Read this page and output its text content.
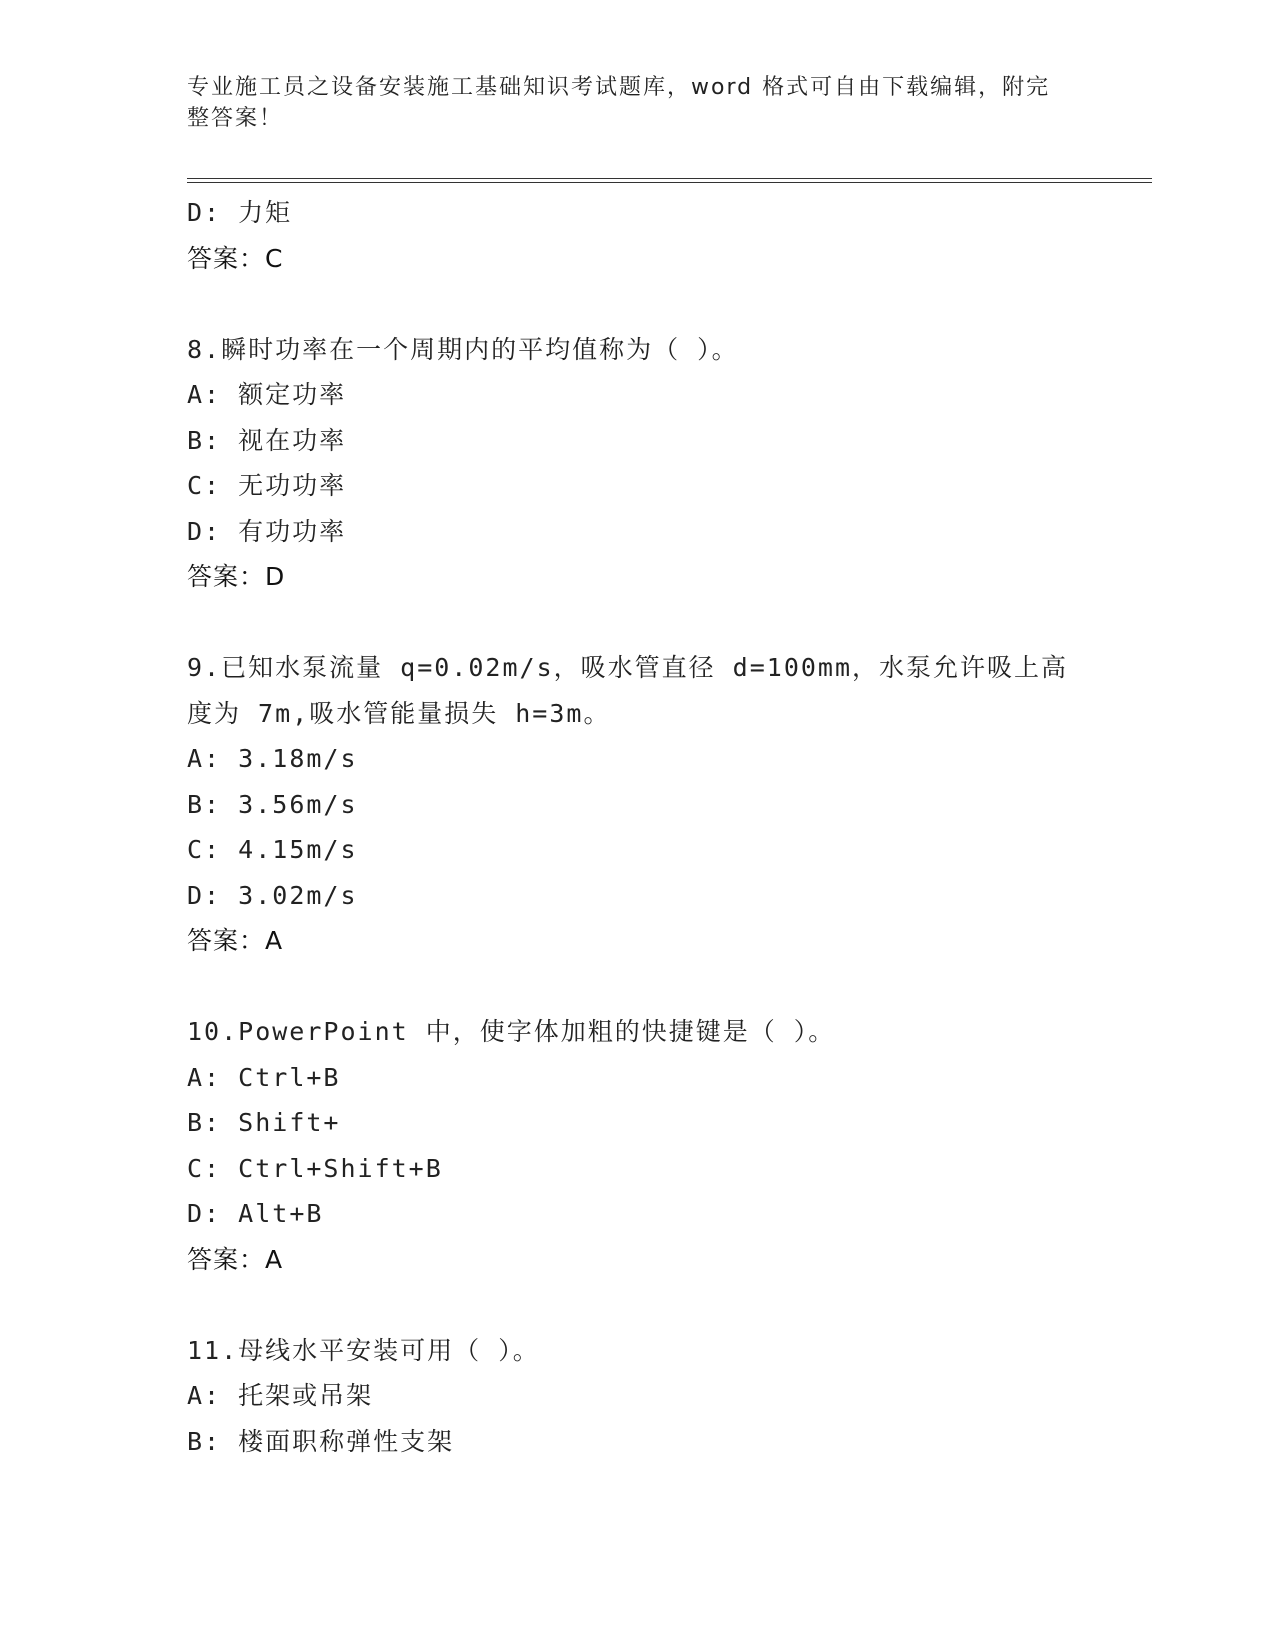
专业施工员之设备安装施工基础知识考试题库，word 格式可自由下载编辑，附完整答案！
D: 力矩
答案：C
8.瞬时功率在一个周期内的平均值称为（ ）。
A: 额定功率
B: 视在功率
C: 无功功率
D: 有功功率
答案：D
9.已知水泵流量 q=0.02m/s，吸水管直径 d=100mm，水泵允许吸上高度为 7m,吸水管能量损失 h=3m。
A: 3.18m/s
B: 3.56m/s
C: 4.15m/s
D: 3.02m/s
答案：A
10.PowerPoint 中，使字体加粗的快捷键是（ ）。
A: Ctrl+B
B: Shift+
C: Ctrl+Shift+B
D: Alt+B
答案：A
11.母线水平安装可用（ ）。
A: 托架或吊架
B: 楼面职称弹性支架
